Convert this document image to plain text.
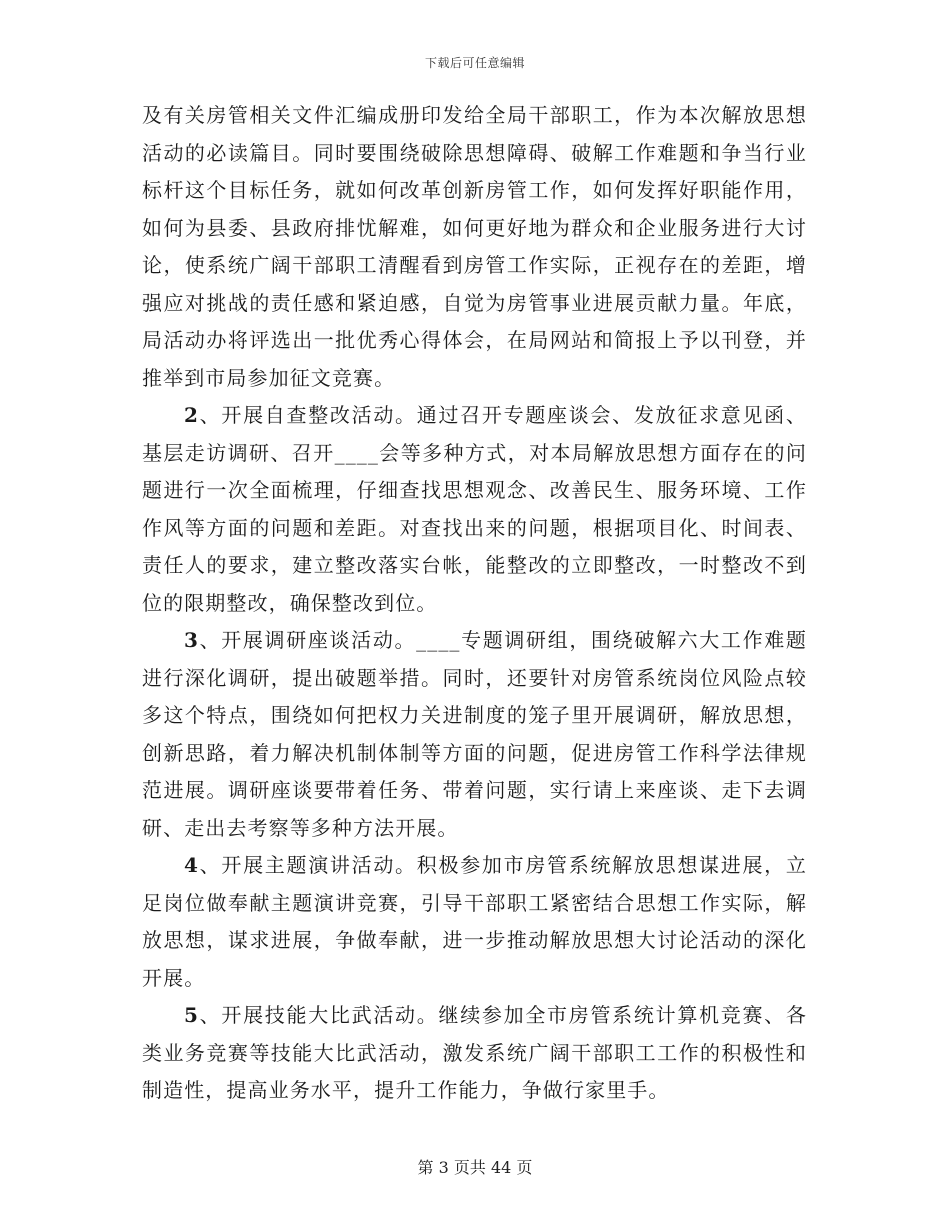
下载后可任意编辑

及有关房管相关文件汇编成册印发给全局干部职工，作为本次解放思想活动的必读篇目。同时要围绕破除思想障碍、破解工作难题和争当行业标杆这个目标任务，就如何改革创新房管工作，如何发挥好职能作用，如何为县委、县政府排忧解难，如何更好地为群众和企业服务进行大讨论，使系统广阔干部职工清醒看到房管工作实际，正视存在的差距，增强应对挑战的责任感和紧迫感，自觉为房管事业进展贡献力量。年底，局活动办将评选出一批优秀心得体会，在局网站和简报上予以刊登，并推举到市局参加征文竞赛。

2、开展自查整改活动。通过召开专题座谈会、发放征求意见函、基层走访调研、召开____会等多种方式，对本局解放思想方面存在的问题进行一次全面梳理，仔细查找思想观念、改善民生、服务环境、工作作风等方面的问题和差距。对查找出来的问题，根据项目化、时间表、责任人的要求，建立整改落实台帐，能整改的立即整改，一时整改不到位的限期整改，确保整改到位。

3、开展调研座谈活动。____专题调研组，围绕破解六大工作难题进行深化调研，提出破题举措。同时，还要针对房管系统岗位风险点较多这个特点，围绕如何把权力关进制度的笼子里开展调研，解放思想，创新思路，着力解决机制体制等方面的问题，促进房管工作科学法律规范进展。调研座谈要带着任务、带着问题，实行请上来座谈、走下去调研、走出去考察等多种方法开展。

4、开展主题演讲活动。积极参加市房管系统解放思想谋进展，立足岗位做奉献主题演讲竞赛，引导干部职工紧密结合思想工作实际，解放思想，谋求进展，争做奉献，进一步推动解放思想大讨论活动的深化开展。

5、开展技能大比武活动。继续参加全市房管系统计算机竞赛、各类业务竞赛等技能大比武活动，激发系统广阔干部职工工作的积极性和制造性，提高业务水平，提升工作能力，争做行家里手。

第 3 页共 44 页
